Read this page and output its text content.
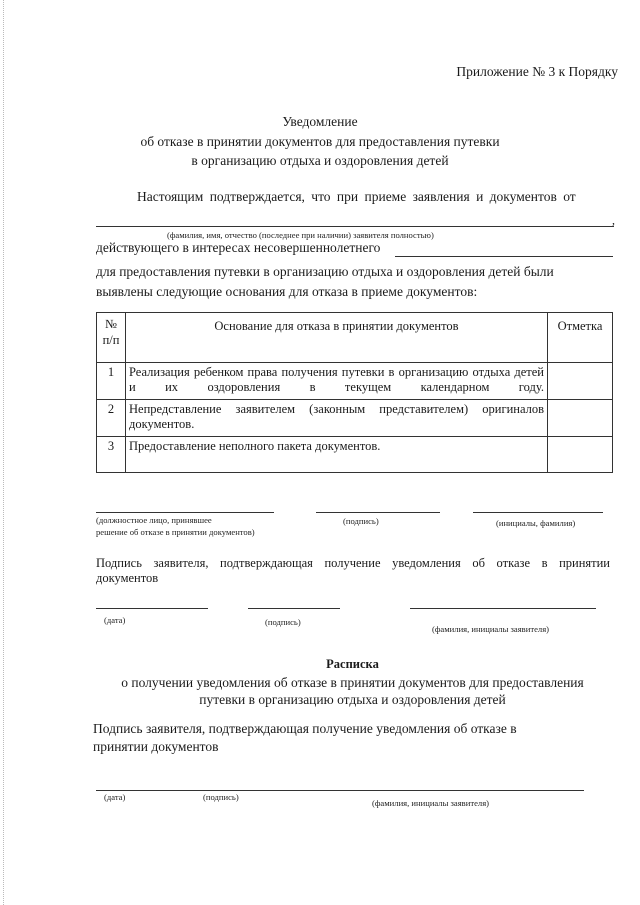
Приложение № 3 к Порядку
Уведомление
об отказе в принятии документов для предоставления путевки
в организацию отдыха и оздоровления детей
Настоящим подтверждается, что при приеме заявления и документов от
,
(фамилия, имя, отчество (последнее при наличии) заявителя полностью)
действующего в интересах несовершеннолетнего
для предоставления путевки в организацию отдыха и оздоровления детей были
выявлены следующие основания для отказа в приеме документов:
№ п/п	Основание для отказа в принятии документов	Отметка
1	Реализация ребенком права получения путевки в организацию отдыха детей и их оздоровления в текущем календарном году.	
2	Непредставление заявителем (законным представителем) оригиналов документов.	
3	Предоставление неполного пакета документов.	
(должностное лицо, принявшее
решение об отказе в принятии документов)
(подпись)	(инициалы, фамилия)
Подпись заявителя, подтверждающая получение уведомления об отказе в принятии
документов
(дата)	(подпись)
(фамилия, инициалы заявителя)
Расписка
о получении уведомления об отказе в принятии документов для предоставления
путевки в организацию отдыха и оздоровления детей
Подпись заявителя, подтверждающая получение уведомления об отказе в
принятии документов
(дата)	(подпись)
(фамилия, инициалы заявителя)
